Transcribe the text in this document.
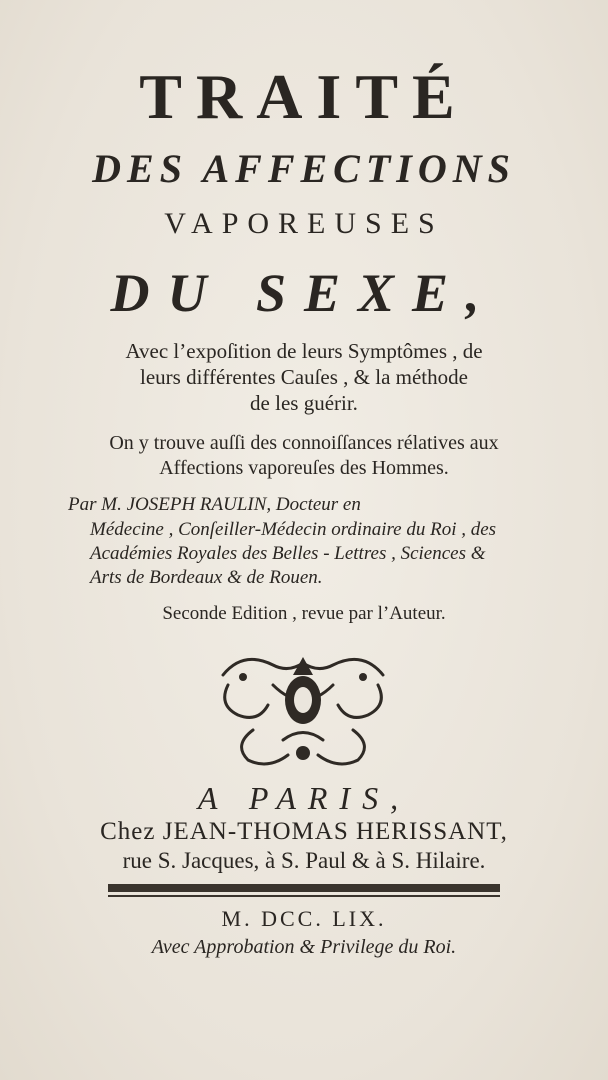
TRAITÉ
DES AFFECTIONS
VAPOREUSES
DU SEXE,
Avec l’expoſition de leurs Symptômes , de
leurs différentes Cauſes , & la méthode
de les guérir.
On y trouve auſſi des connoiſſances rélatives aux
Affections vaporeuſes des Hommes.
Par M. JOSEPH RAULIN, Docteur en
Médecine , Conſeiller-Médecin ordinaire du Roi , des
Académies Royales des Belles - Lettres , Sciences &
Arts de Bordeaux & de Rouen.
Seconde Edition , revue par l’Auteur.
A PARIS,
Chez JEAN-THOMAS HERISSANT,
rue S. Jacques, à S. Paul & à S. Hilaire.
M. DCC. LIX.
Avec Approbation & Privilege du Roi.
